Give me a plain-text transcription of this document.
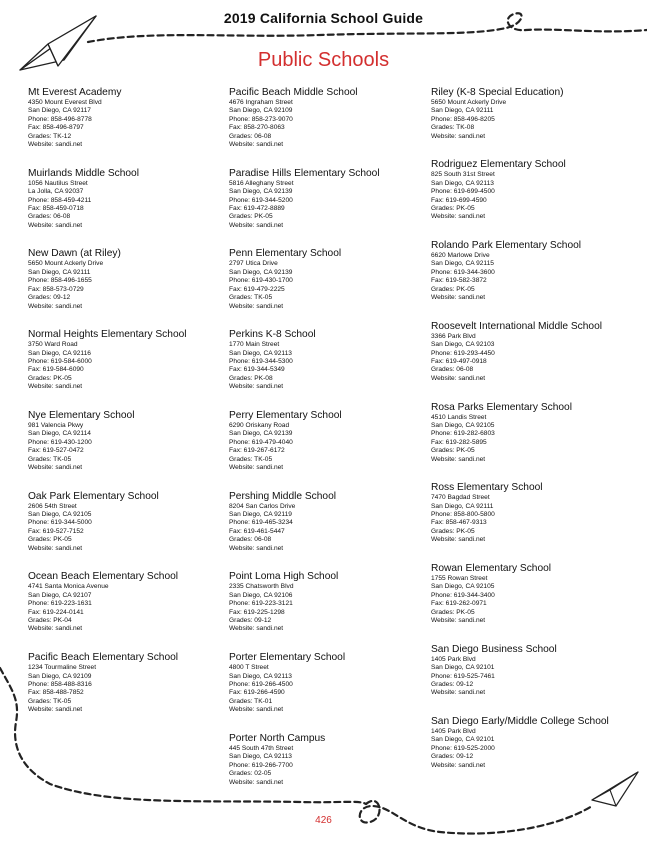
2019 California School Guide
Public Schools
Mt Everest Academy
4350 Mount Everest Blvd
San Diego, CA 92117
Phone: 858-496-8778
Fax: 858-496-8797
Grades: TK-12
Website: sandi.net
Muirlands Middle School
1056 Nautilus Street
La Jolla, CA 92037
Phone: 858-459-4211
Fax: 858-459-0718
Grades: 06-08
Website: sandi.net
New Dawn (at Riley)
5650 Mount Ackerly Drive
San Diego, CA 92111
Phone: 858-496-1655
Fax: 858-573-0729
Grades: 09-12
Website: sandi.net
Normal Heights Elementary School
3750 Ward Road
San Diego, CA 92116
Phone: 619-584-6000
Fax: 619-584-6090
Grades: PK-05
Website: sandi.net
Nye Elementary School
981 Valencia Pkwy
San Diego, CA 92114
Phone: 619-430-1200
Fax: 619-527-0472
Grades: TK-05
Website: sandi.net
Oak Park Elementary School
2606 54th Street
San Diego, CA 92105
Phone: 619-344-5000
Fax: 619-527-7152
Grades: PK-05
Website: sandi.net
Ocean Beach Elementary School
4741 Santa Monica Avenue
San Diego, CA 92107
Phone: 619-223-1631
Fax: 619-224-0141
Grades: PK-04
Website: sandi.net
Pacific Beach Elementary School
1234 Tourmaline Street
San Diego, CA 92109
Phone: 858-488-8316
Fax: 858-488-7852
Grades: TK-05
Website: sandi.net
Pacific Beach Middle School
4676 Ingraham Street
San Diego, CA 92109
Phone: 858-273-9070
Fax: 858-270-8063
Grades: 06-08
Website: sandi.net
Paradise Hills Elementary School
5816 Alleghany Street
San Diego, CA 92139
Phone: 619-344-5200
Fax: 619-472-8889
Grades: PK-05
Website: sandi.net
Penn Elementary School
2797 Utica Drive
San Diego, CA 92139
Phone: 619-430-1700
Fax: 619-479-2225
Grades: TK-05
Website: sandi.net
Perkins K-8 School
1770 Main Street
San Diego, CA 92113
Phone: 619-344-5300
Fax: 619-344-5349
Grades: PK-08
Website: sandi.net
Perry Elementary School
6290 Oriskany Road
San Diego, CA 92139
Phone: 619-479-4040
Fax: 619-267-6172
Grades: TK-05
Website: sandi.net
Pershing Middle School
8204 San Carlos Drive
San Diego, CA 92119
Phone: 619-465-3234
Fax: 619-461-5447
Grades: 06-08
Website: sandi.net
Point Loma High School
2335 Chatsworth Blvd
San Diego, CA 92106
Phone: 619-223-3121
Fax: 619-225-1298
Grades: 09-12
Website: sandi.net
Porter Elementary School
4800 T Street
San Diego, CA 92113
Phone: 619-266-4500
Fax: 619-266-4590
Grades: TK-01
Website: sandi.net
Porter North Campus
445 South 47th Street
San Diego, CA 92113
Phone: 619-266-7700
Grades: 02-05
Website: sandi.net
Riley (K-8 Special Education)
5650 Mount Ackerly Drive
San Diego, CA 92111
Phone: 858-496-8205
Grades: TK-08
Website: sandi.net
Rodriguez Elementary School
825 South 31st Street
San Diego, CA 92113
Phone: 619-699-4500
Fax: 619-699-4590
Grades: PK-05
Website: sandi.net
Rolando Park Elementary School
6620 Marlowe Drive
San Diego, CA 92115
Phone: 619-344-3600
Fax: 619-582-3872
Grades: PK-05
Website: sandi.net
Roosevelt International Middle School
3366 Park Blvd
San Diego, CA 92103
Phone: 619-293-4450
Fax: 619-497-0918
Grades: 06-08
Website: sandi.net
Rosa Parks Elementary School
4510 Landis Street
San Diego, CA 92105
Phone: 619-282-6803
Fax: 619-282-5895
Grades: PK-05
Website: sandi.net
Ross Elementary School
7470 Bagdad Street
San Diego, CA 92111
Phone: 858-800-5800
Fax: 858-467-9313
Grades: PK-05
Website: sandi.net
Rowan Elementary School
1755 Rowan Street
San Diego, CA 92105
Phone: 619-344-3400
Fax: 619-262-0971
Grades: PK-05
Website: sandi.net
San Diego Business School
1405 Park Blvd
San Diego, CA 92101
Phone: 619-525-7461
Grades: 09-12
Website: sandi.net
San Diego Early/Middle College School
1405 Park Blvd
San Diego, CA 92101
Phone: 619-525-2000
Grades: 09-12
Website: sandi.net
426
